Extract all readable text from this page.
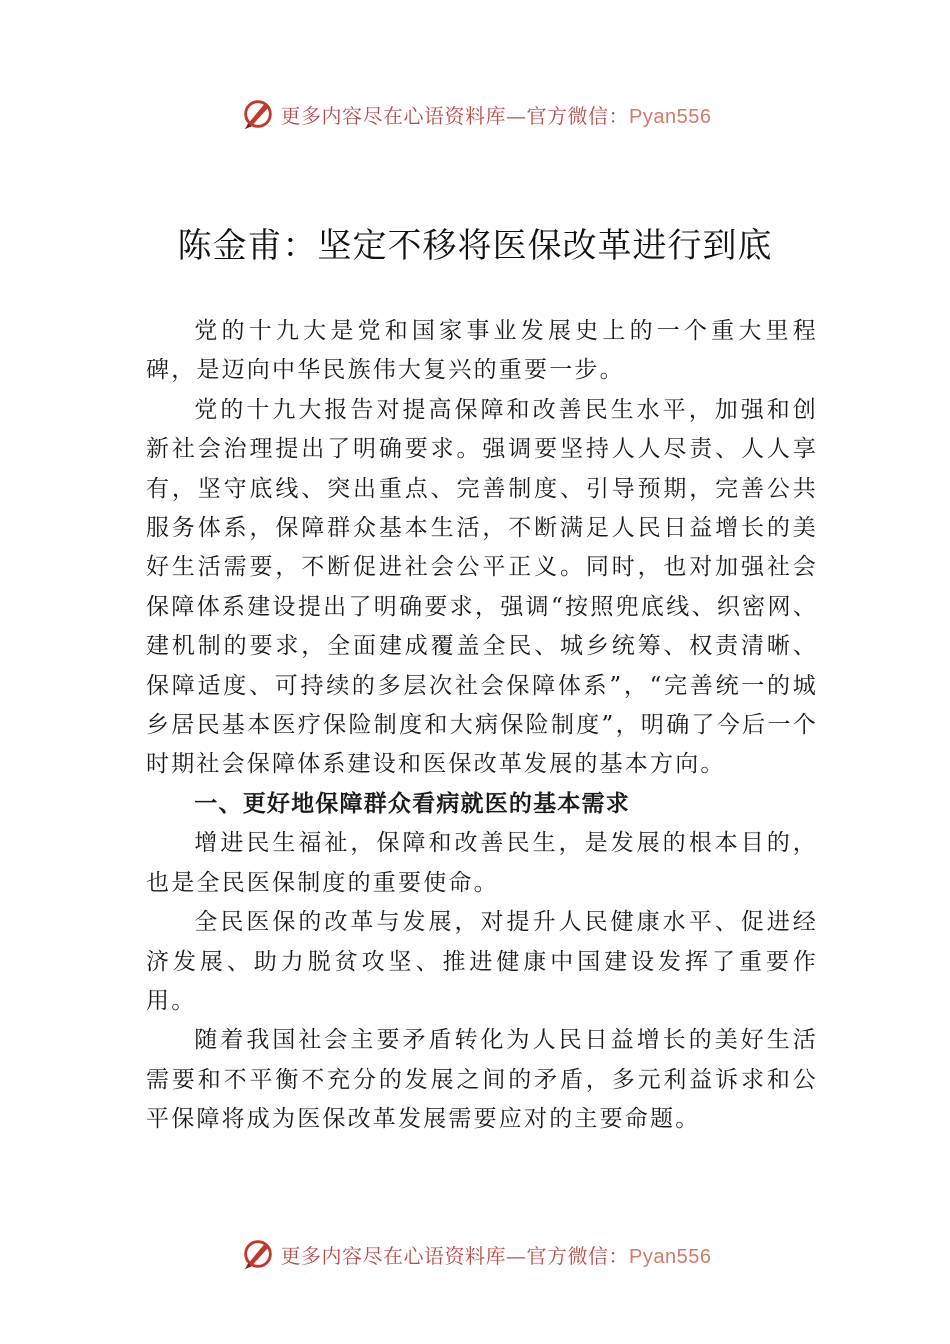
更多内容尽在心语资料库—官方微信：Pyan556
陈金甫：坚定不移将医保改革进行到底

党的十九大是党和国家事业发展史上的一个重大里程碑，是迈向中华民族伟大复兴的重要一步。

党的十九大报告对提高保障和改善民生水平，加强和创新社会治理提出了明确要求。强调要坚持人人尽责、人人享有，坚守底线、突出重点、完善制度、引导预期，完善公共服务体系，保障群众基本生活，不断满足人民日益增长的美好生活需要，不断促进社会公平正义。同时，也对加强社会保障体系建设提出了明确要求，强调“按照兜底线、织密网、建机制的要求，全面建成覆盖全民、城乡统筹、权责清晰、保障适度、可持续的多层次社会保障体系”，“完善统一的城乡居民基本医疗保险制度和大病保险制度”，明确了今后一个时期社会保障体系建设和医保改革发展的基本方向。

一、更好地保障群众看病就医的基本需求

增进民生福祉，保障和改善民生，是发展的根本目的，也是全民医保制度的重要使命。

全民医保的改革与发展，对提升人民健康水平、促进经济发展、助力脱贫攻坚、推进健康中国建设发挥了重要作用。

随着我国社会主要矛盾转化为人民日益增长的美好生活需要和不平衡不充分的发展之间的矛盾，多元利益诉求和公平保障将成为医保改革发展需要应对的主要命题。

更多内容尽在心语资料库—官方微信：Pyan556
